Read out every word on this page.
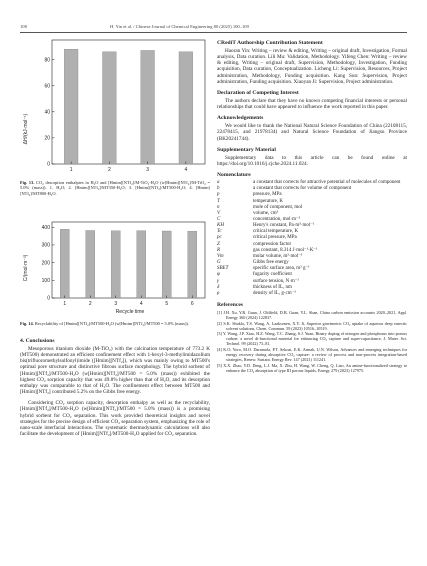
108	H. Yin et al. / Chinese Journal of Chemical Engineering 80 (2025) 100–109
0
20
40
60
80
1	2	3	4
ΔH/(kJ·mol⁻¹)
Fig. 13. CO₂ desorption enthalpies in H₂O and [Hmim][NTf₂]/M-TiO₂-H₂O (w[Hmim][NTf₂]/M-TiO₂ = 5.0% (mass)). 1. H₂O; 2. [Hmim][NTf₂]/MT350-H₂O; 3. [Hmim][NTf₂]/MT500-H₂O; 4. [Hmim][NTf₂]/MT800-H₂O.
0
100
200
300
400
1	2	3	4	5	6
C/(mol·m⁻³)
Recycle time
Fig. 14. Recyclability of [Hmim][NTf₂]/MT500-H₂O (w[Hmim][NTf₂]/MT500 = 5.0% (mass)).
4. Conclusions

Mesoporous titanium dioxide (M-TiO₂) with the calcination temperature of 773.2 K (MT500) demonstrated an efficient confinement effect with 1-hexyl-3-methylimidazolium bis(trifluoromethylsulfonyl)imide ([Hmim][NTf₂]), which was mainly owing to MT500's optimal pore structure and distinctive fibrous surface morphology. The hybrid sorbent of [Hmim][NTf₂]/MT500-H₂O (w[Hmim][NTf₂]/MT500 = 5.0% (mass)) exhibited the highest CO₂ sorption capacity that was 49.8% higher than that of H₂O, and its desorption enthalpy was comparable to that of H₂O. The confinement effect between MT500 and [Hmim][NTf₂] contributed 5.2% on the Gibbs free energy.

Considering CO₂ sorption capacity, desorption enthalpy as well as the recyclability, [Hmim][NTf₂]/MT500-H₂O (w[Hmim][NTf₂]/MT500 = 5.0% (mass)) is a promising hybrid sorbent for CO₂ separation. This work provided theoretical insights and novel strategies for the precise design of efficient CO₂ separation system, emphasizing the role of nano-scale interfacial interactions. The systematic thermodynamic calculations will also facilitate the development of [Hmim][NTf₂]/MT500-H₂O applied for CO₂ separation.

CRediT Authorship Contribution Statement

Haoran Yin: Writing – review & editing, Writing – original draft, Investigation, Formal analysis, Data curation. Lili Mu: Validation, Methodology. Yifeng Chen: Writing – review & editing, Writing – original draft, Supervision, Methodology, Investigation, Funding acquisition, Data curation, Conceptualization. Licheng Li: Supervision, Resources, Project administration, Methodology, Funding acquisition. Kang Sun: Supervision, Project administration, Funding acquisition. Xiaoyan Ji: Supervision, Project administration.

Declaration of Competing Interest

The authors declare that they have no known competing financial interests or personal relationships that could have appeared to influence the work reported in this paper.

Acknowledgements

We would like to thank the National Natural Science Foundation of China (22108115, 22478415, and 21978134) and Natural Science Foundation of Jiangsu Province (BK20241744).

Supplementary Material

Supplementary data to this article can be found online at https://doi.org/10.1016/j.cjche.2024.11.024.

Nomenclature
a	a constant that corrects for attractive potential of molecules of component
b	a constant that corrects for volume of component
p	pressure, MPa
T	temperature, K
n	mole of component, mol
V	volume, cm³
C	concentration, mol·m⁻³
KH	Henry's constant, Pa·m³·mol⁻¹
Tc	critical temperature, K
pc	critical pressure, MPa
Z	compression factor
R	gas constant, 8.314 J·mol⁻¹·K⁻¹
Vm	molar volume, m³·mol⁻¹
G	Gibbs free energy
SBET	specific surface area, m² g⁻¹
φ	fugacity coefficient
γ	surface tension, N·m⁻¹
δ	thickness of IL, nm
ρ	density of IL, g·cm⁻³
References
[1] J.H. Xu, Y.R. Guan, J. Oldfield, D.B. Guan, Y.L. Shan, China carbon emission accounts 2020–2021, Appl. Energy 360 (2024) 122837.
[2] S.K. Shukla, T.S. Wang, A. Laaksonen, X.Y. Ji, Superior gravimetric CO₂ uptake of aqueous deep eutectic solvent solutions, Chem. Commun. 59 (2023) 10516–10519.
[3] Y. Wang, J.P. Xiao, H.Z. Wang, T.C. Zhang, S.J. Yuan, Binary doping of nitrogen and phosphorus into porous carbon: a novel di-functional material for enhancing CO₂ capture and super-capacitance, J. Mater. Sci. Technol. 99 (2022) 73–81.
[4] K.O. Yoro, M.O. Daramola, P.T. Sekoai, E.K. Armah, U.N. Wilson, Advances and emerging techniques for energy recovery during absorptive CO₂ capture: a review of process and non-process integration-based strategies, Renew. Sustain. Energy Rev. 147 (2021) 111241.
[5] X.X. Zhao, Y.D. Deng, L.J. Ma, X. Zhu, H. Wang, W. Cheng, Q. Liao, An amine-functionalized strategy to enhance the CO₂ absorption of type III porous liquids, Energy 279 (2023) 127975.
